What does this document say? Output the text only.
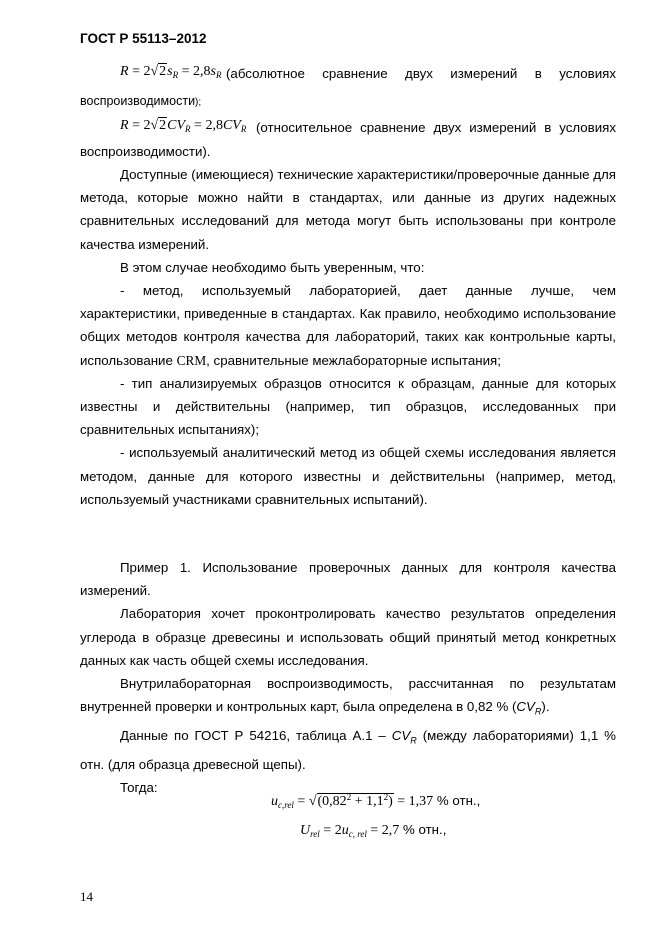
ГОСТ Р 55113–2012
$R = 2√2s_R = 2,8s_R$ (абсолютное сравнение двух измерений в условиях

воспроизводимости);

$R = 2√2CV_R = 2,8CV_R$ (относительное сравнение двух измерений в условиях

воспроизводимости).

Доступные (имеющиеся) технические характеристики/проверочные данные для метода, которые можно найти в стандартах, или данные из других надежных сравнительных исследований для метода могут быть использованы при контроле качества измерений.

В этом случае необходимо быть уверенным, что:

- метод, используемый лабораторией, дает данные лучше, чем характеристики, приведенные в стандартах. Как правило, необходимо использование общих методов контроля качества для лабораторий, таких как контрольные карты, использование CRM, сравнительные межлабораторные испытания;

- тип анализируемых образцов относится к образцам, данные для которых известны и действительны (например, тип образцов, исследованных при сравнительных испытаниях);

- используемый аналитический метод из общей схемы исследования является методом, данные для которого известны и действительны (например, метод, используемый участниками сравнительных испытаний).

Пример 1. Использование проверочных данных для контроля качества измерений.

Лаборатория хочет проконтролировать качество результатов определения углерода в образце древесины и использовать общий принятый метод конкретных данных как часть общей схемы исследования.

Внутрилабораторная воспроизводимость, рассчитанная по результатам внутренней проверки и контрольных карт, была определена в 0,82 % $(CV_R)$.

Данные по ГОСТ Р 54216, таблица $А.1 - CV_R$ (между лабораториями) 1,1 % отн. (для образца древесной щепы).

Тогда:

$u_{c,rel} = √(0,82^2 + 1,1^2) = 1,37$ % отн.,
$U_{rel} = 2u_{c, rel} = 2,7$ % отн.,
14
